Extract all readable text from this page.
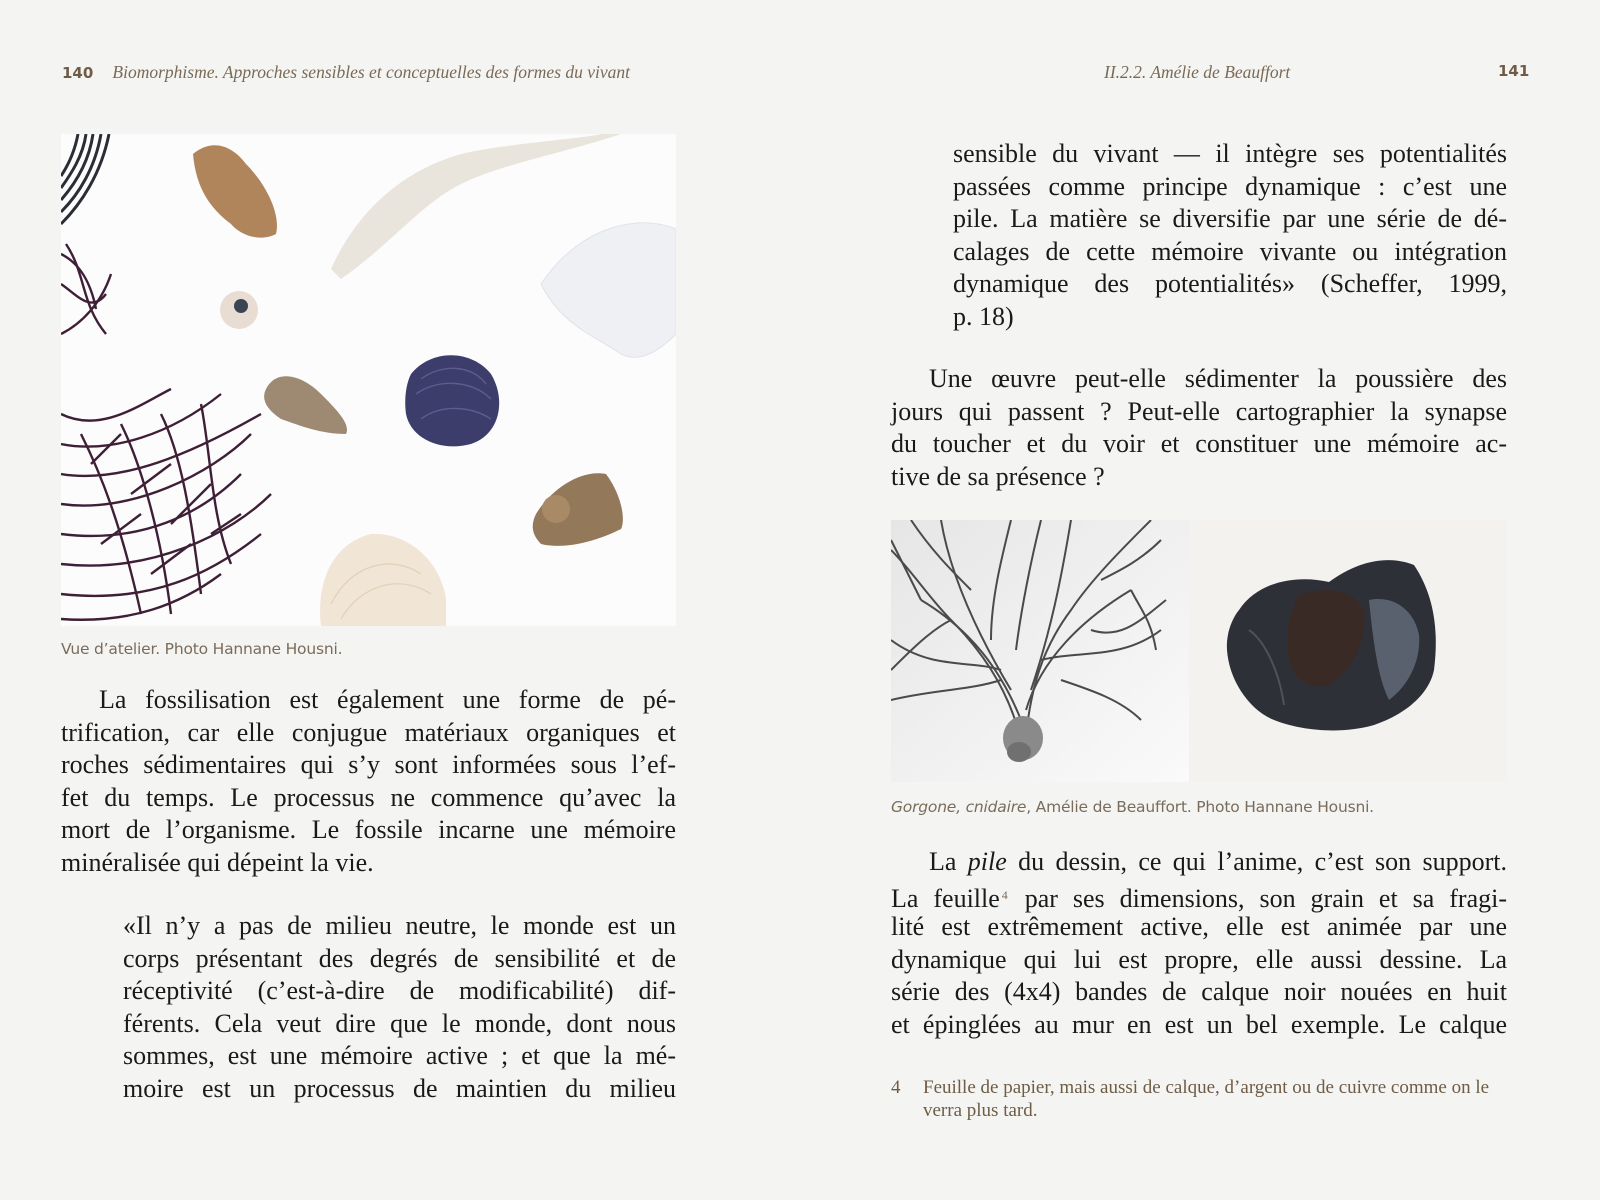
140 Biomorphisme. Approches sensibles et conceptuelles des formes du vivant	II.2.2. Amélie de Beauffort	141
Vue d’atelier. Photo Hannane Housni.
La fossilisation est également une forme de pé-
trification, car elle conjugue matériaux organiques et
roches sédimentaires qui s’y sont informées sous l’ef-
fet du temps. Le processus ne commence qu’avec la
mort de l’organisme. Le fossile incarne une mémoire
minéralisée qui dépeint la vie.
«Il n’y a pas de milieu neutre, le monde est un
corps présentant des degrés de sensibilité et de
réceptivité (c’est-à-dire de modificabilité) dif-
férents. Cela veut dire que le monde, dont nous
sommes, est une mémoire active ; et que la mé-
moire est un processus de maintien du milieu
sensible du vivant — il intègre ses potentialités
passées comme principe dynamique : c’est une
pile. La matière se diversifie par une série de dé-
calages de cette mémoire vivante ou intégration
dynamique des potentialités» (Scheffer, 1999,
p. 18)
Une œuvre peut-elle sédimenter la poussière des
jours qui passent ? Peut-elle cartographier la synapse
du toucher et du voir et constituer une mémoire ac-
tive de sa présence ?
Gorgone, cnidaire, Amélie de Beauffort. Photo Hannane Housni.
La pile du dessin, ce qui l’anime, c’est son support.
La feuille $^4$ par ses dimensions, son grain et sa fragi-
lité est extrêmement active, elle est animée par une
dynamique qui lui est propre, elle aussi dessine. La
série des (4x4) bandes de calque noir nouées en huit
et épinglées au mur en est un bel exemple. Le calque
4 Feuille de papier, mais aussi de calque, d’argent ou de cuivre comme on le verra plus tard.
